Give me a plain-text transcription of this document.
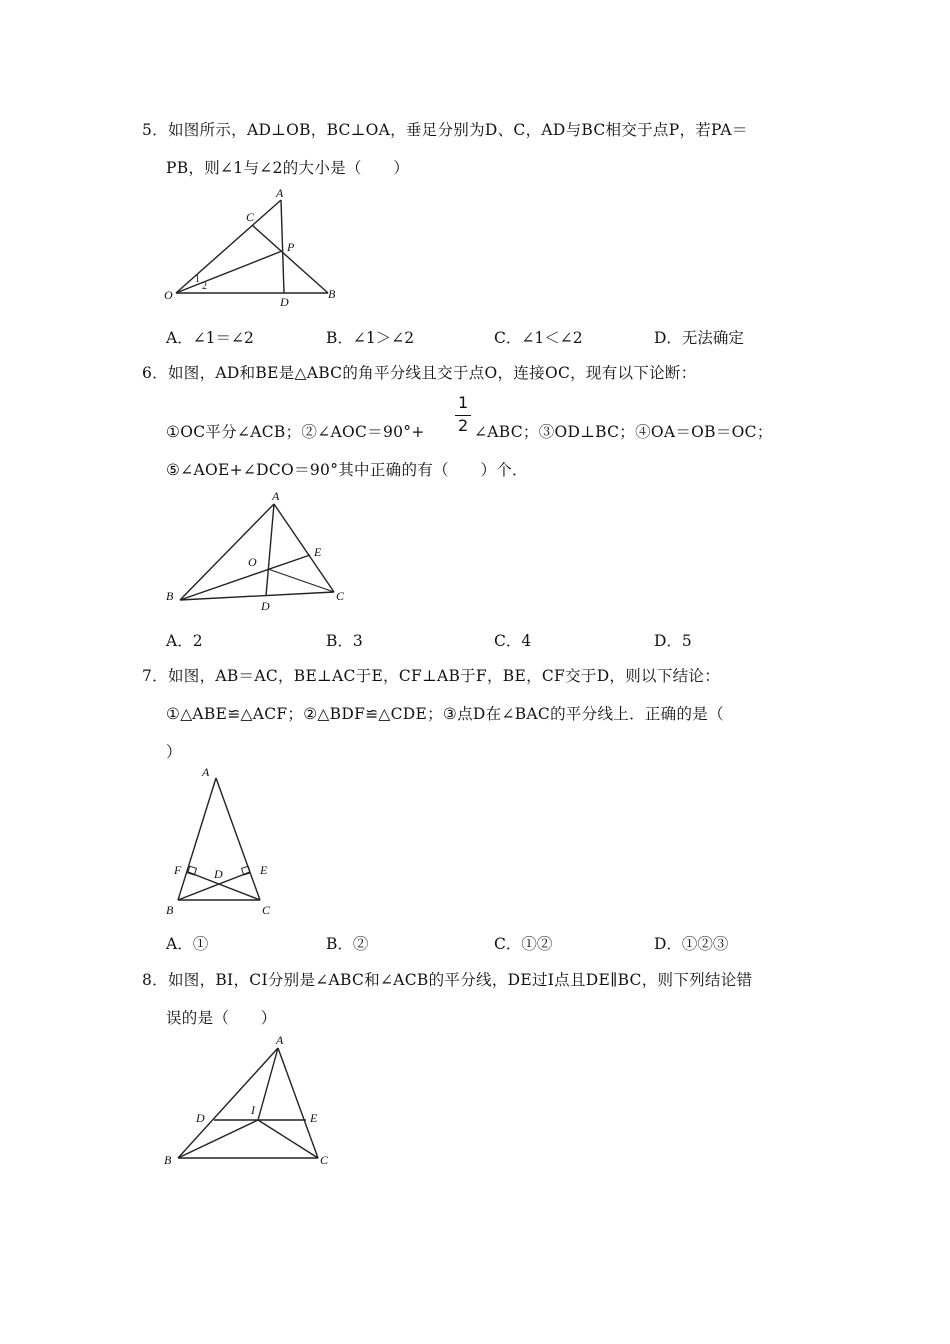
5．如图所示，AD⊥OB，BC⊥OA，垂足分别为D、C，AD与BC相交于点P，若PA＝
PB，则∠1与∠2的大小是（　　）
A
C
P
O
1
2
D
B
A．∠1＝∠2	B．∠1＞∠2	C．∠1＜∠2	D．无法确定
6．如图，AD和BE是△ABC的角平分线且交于点O，连接OC，现有以下论断：
①OC平分∠ACB；②∠AOC＝90°+
1
2 ∠ABC；③OD⊥BC；④OA＝OB＝OC；
⑤∠AOE+∠DCO＝90°其中正确的有（　　）个．
A
O
E
B
D
C
A．2	B．3	C．4	D．5
7．如图，AB＝AC，BE⊥AC于E，CF⊥AB于F，BE，CF交于D，则以下结论：
①△ABE≌△ACF；②△BDF≌△CDE；③点D在∠BAC的平分线上．正确的是（
）
A
F	D	E
B	C
A．①	B．②	C．①②	D．①②③
8．如图，BI，CI分别是∠ABC和∠ACB的平分线，DE过I点且DE∥BC，则下列结论错
误的是（　　）
A
D
I
E
B	C
